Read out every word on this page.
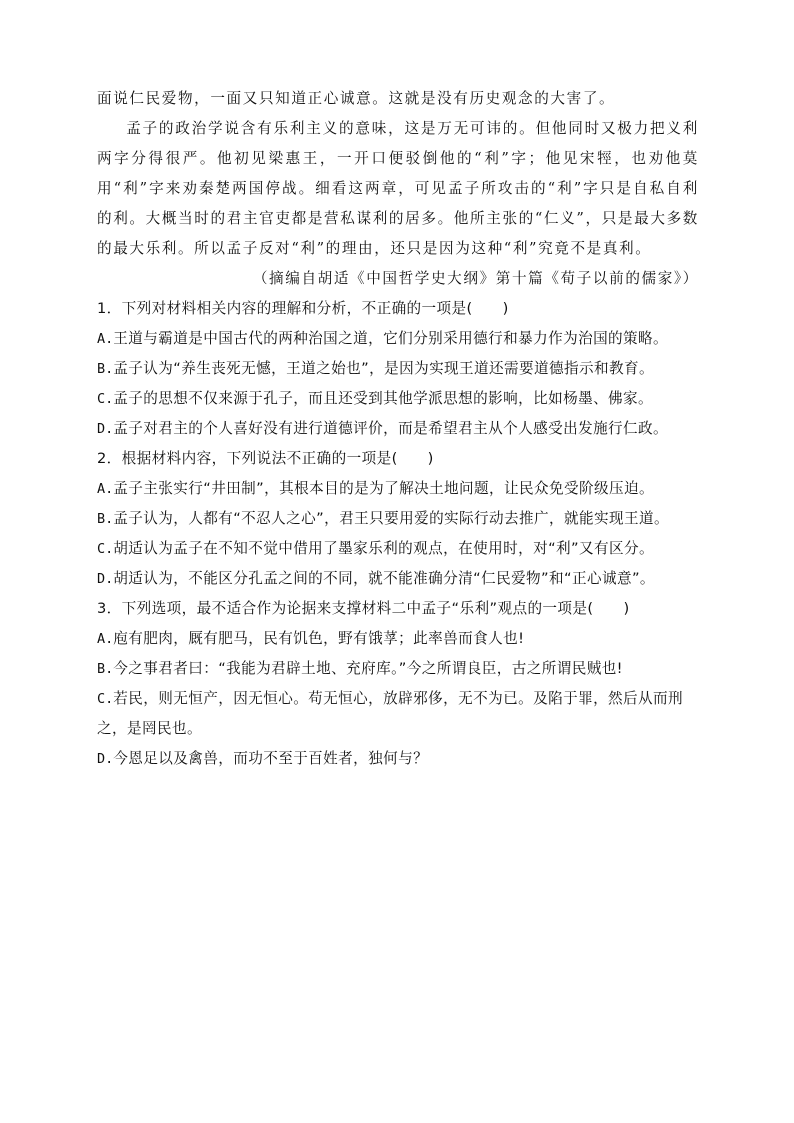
面说仁民爱物，一面又只知道正心诚意。这就是没有历史观念的大害了。

孟子的政治学说含有乐利主义的意味，这是万无可讳的。但他同时又极力把义利两字分得很严。他初见梁惠王，一开口便驳倒他的“利”字；他见宋牼，也劝他莫用“利”字来劝秦楚两国停战。细看这两章，可见孟子所攻击的“利”字只是自私自利的利。大概当时的君主官吏都是营私谋利的居多。他所主张的“仁义”，只是最大多数的最大乐利。所以孟子反对“利”的理由，还只是因为这种“利”究竟不是真利。

（摘编自胡适《中国哲学史大纲》第十篇《荀子以前的儒家》）

1．下列对材料相关内容的理解和分析，不正确的一项是(　　)

A.王道与霸道是中国古代的两种治国之道，它们分别采用德行和暴力作为治国的策略。

B.孟子认为“养生丧死无憾，王道之始也”，是因为实现王道还需要道德指示和教育。

C.孟子的思想不仅来源于孔子，而且还受到其他学派思想的影响，比如杨墨、佛家。

D.孟子对君主的个人喜好没有进行道德评价，而是希望君主从个人感受出发施行仁政。

2．根据材料内容，下列说法不正确的一项是(　　)

A.孟子主张实行“井田制”，其根本目的是为了解决土地问题，让民众免受阶级压迫。

B.孟子认为，人都有“不忍人之心”，君王只要用爱的实际行动去推广，就能实现王道。

C.胡适认为孟子在不知不觉中借用了墨家乐利的观点，在使用时，对“利”又有区分。

D.胡适认为，不能区分孔孟之间的不同，就不能准确分清“仁民爱物”和“正心诚意”。

3．下列选项，最不适合作为论据来支撑材料二中孟子“乐利”观点的一项是(　　)

A.庖有肥肉，厩有肥马，民有饥色，野有饿莩；此率兽而食人也!

B.今之事君者曰：“我能为君辟土地、充府库。”今之所谓良臣，古之所谓民贼也!

C.若民，则无恒产，因无恒心。苟无恒心，放辟邪侈，无不为已。及陷于罪，然后从而刑之，是罔民也。

D.今恩足以及禽兽，而功不至于百姓者，独何与？
